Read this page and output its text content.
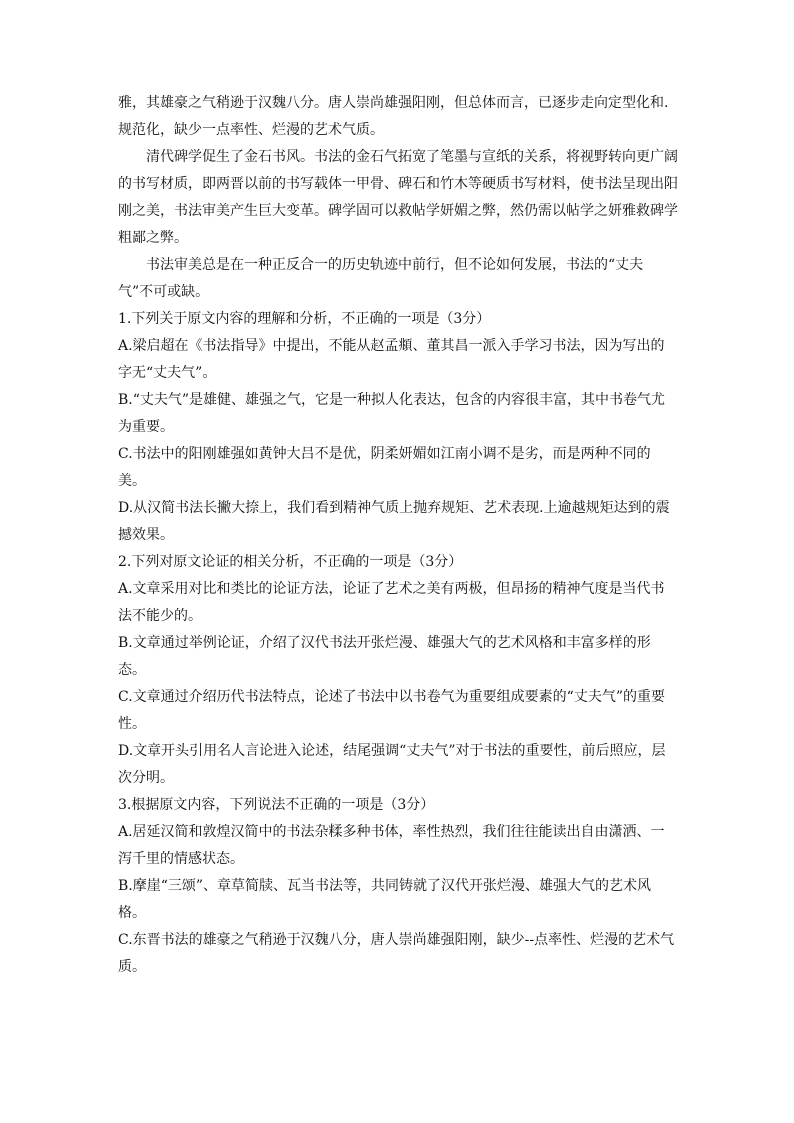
雅，其雄豪之气稍逊于汉魏八分。唐人崇尚雄强阳刚，但总体而言，已逐步走向定型化和.规范化，缺少一点率性、烂漫的艺术气质。

清代碑学促生了金石书风。书法的金石气拓宽了笔墨与宣纸的关系，将视野转向更广阔的书写材质，即两晋以前的书写载体一甲骨、碑石和竹木等硬质书写材料，使书法呈现出阳刚之美，书法审美产生巨大变革。碑学固可以救帖学妍媚之弊，然仍需以帖学之妍雅救碑学粗鄙之弊。

书法审美总是在一种正反合一的历史轨迹中前行，但不论如何发展，书法的“丈夫气”不可或缺。

1.下列关于原文内容的理解和分析，不正确的一项是（3分）

A.梁启超在《书法指导》中提出，不能从赵孟頫、董其昌一派入手学习书法，因为写出的字无“丈夫气”。

B.“丈夫气”是雄健、雄强之气，它是一种拟人化表达，包含的内容很丰富，其中书卷气尤为重要。

C.书法中的阳刚雄强如黄钟大吕不是优，阴柔妍媚如江南小调不是劣，而是两种不同的美。

D.从汉简书法长撇大捺上，我们看到精神气质上抛弃规矩、艺术表现.上逾越规矩达到的震撼效果。

2.下列对原文论证的相关分析，不正确的一项是（3分）

A.文章采用对比和类比的论证方法，论证了艺术之美有两极，但昂扬的精神气度是当代书法不能少的。

B.文章通过举例论证，介绍了汉代书法开张烂漫、雄强大气的艺术风格和丰富多样的形态。

C.文章通过介绍历代书法特点，论述了书法中以书卷气为重要组成要素的“丈夫气”的重要性。

D.文章开头引用名人言论进入论述，结尾强调“丈夫气”对于书法的重要性，前后照应，层次分明。

3.根据原文内容，下列说法不正确的一项是（3分）

A.居延汉简和敦煌汉简中的书法杂糅多种书体，率性热烈，我们往往能读出自由潇洒、一泻千里的情感状态。

B.摩崖“三颂”、章草简牍、瓦当书法等，共同铸就了汉代开张烂漫、雄强大气的艺术风格。

C.东晋书法的雄豪之气稍逊于汉魏八分，唐人崇尚雄强阳刚，缺少--点率性、烂漫的艺术气质。
